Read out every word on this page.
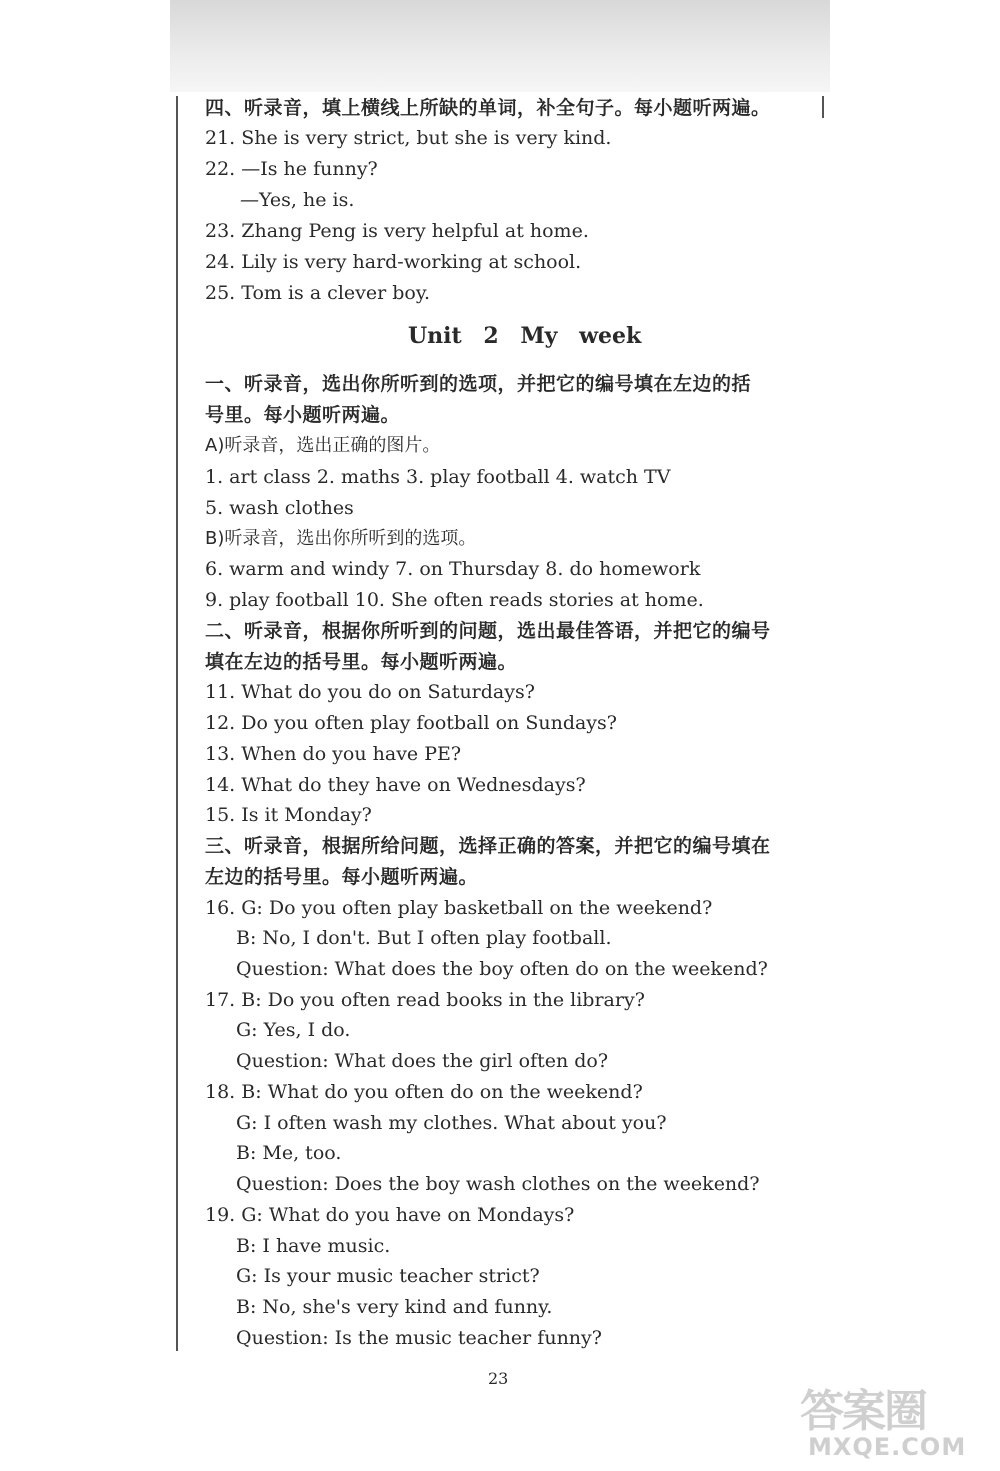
四、听录音，填上横线上所缺的单词，补全句子。每小题听两遍。
21. She is very strict, but she is very kind.
22. —Is he funny?
—Yes, he is.
23. Zhang Peng is very helpful at home.
24. Lily is very hard-working at school.
25. Tom is a clever boy.
Unit 2 My week
一、听录音，选出你所听到的选项，并把它的编号填在左边的括
号里。每小题听两遍。
A)听录音，选出正确的图片。
1. art class 2. maths 3. play football 4. watch TV
5. wash clothes
B)听录音，选出你所听到的选项。
6. warm and windy 7. on Thursday 8. do homework
9. play football 10. She often reads stories at home.
二、听录音，根据你所听到的问题，选出最佳答语，并把它的编号
填在左边的括号里。每小题听两遍。
11. What do you do on Saturdays?
12. Do you often play football on Sundays?
13. When do you have PE?
14. What do they have on Wednesdays?
15. Is it Monday?
三、听录音，根据所给问题，选择正确的答案，并把它的编号填在
左边的括号里。每小题听两遍。
16. G: Do you often play basketball on the weekend?
B: No, I don't. But I often play football.
Question: What does the boy often do on the weekend?
17. B: Do you often read books in the library?
G: Yes, I do.
Question: What does the girl often do?
18. B: What do you often do on the weekend?
G: I often wash my clothes. What about you?
B: Me, too.
Question: Does the boy wash clothes on the weekend?
19. G: What do you have on Mondays?
B: I have music.
G: Is your music teacher strict?
B: No, she's very kind and funny.
Question: Is the music teacher funny?
23
答案圈
MXQE.COM
